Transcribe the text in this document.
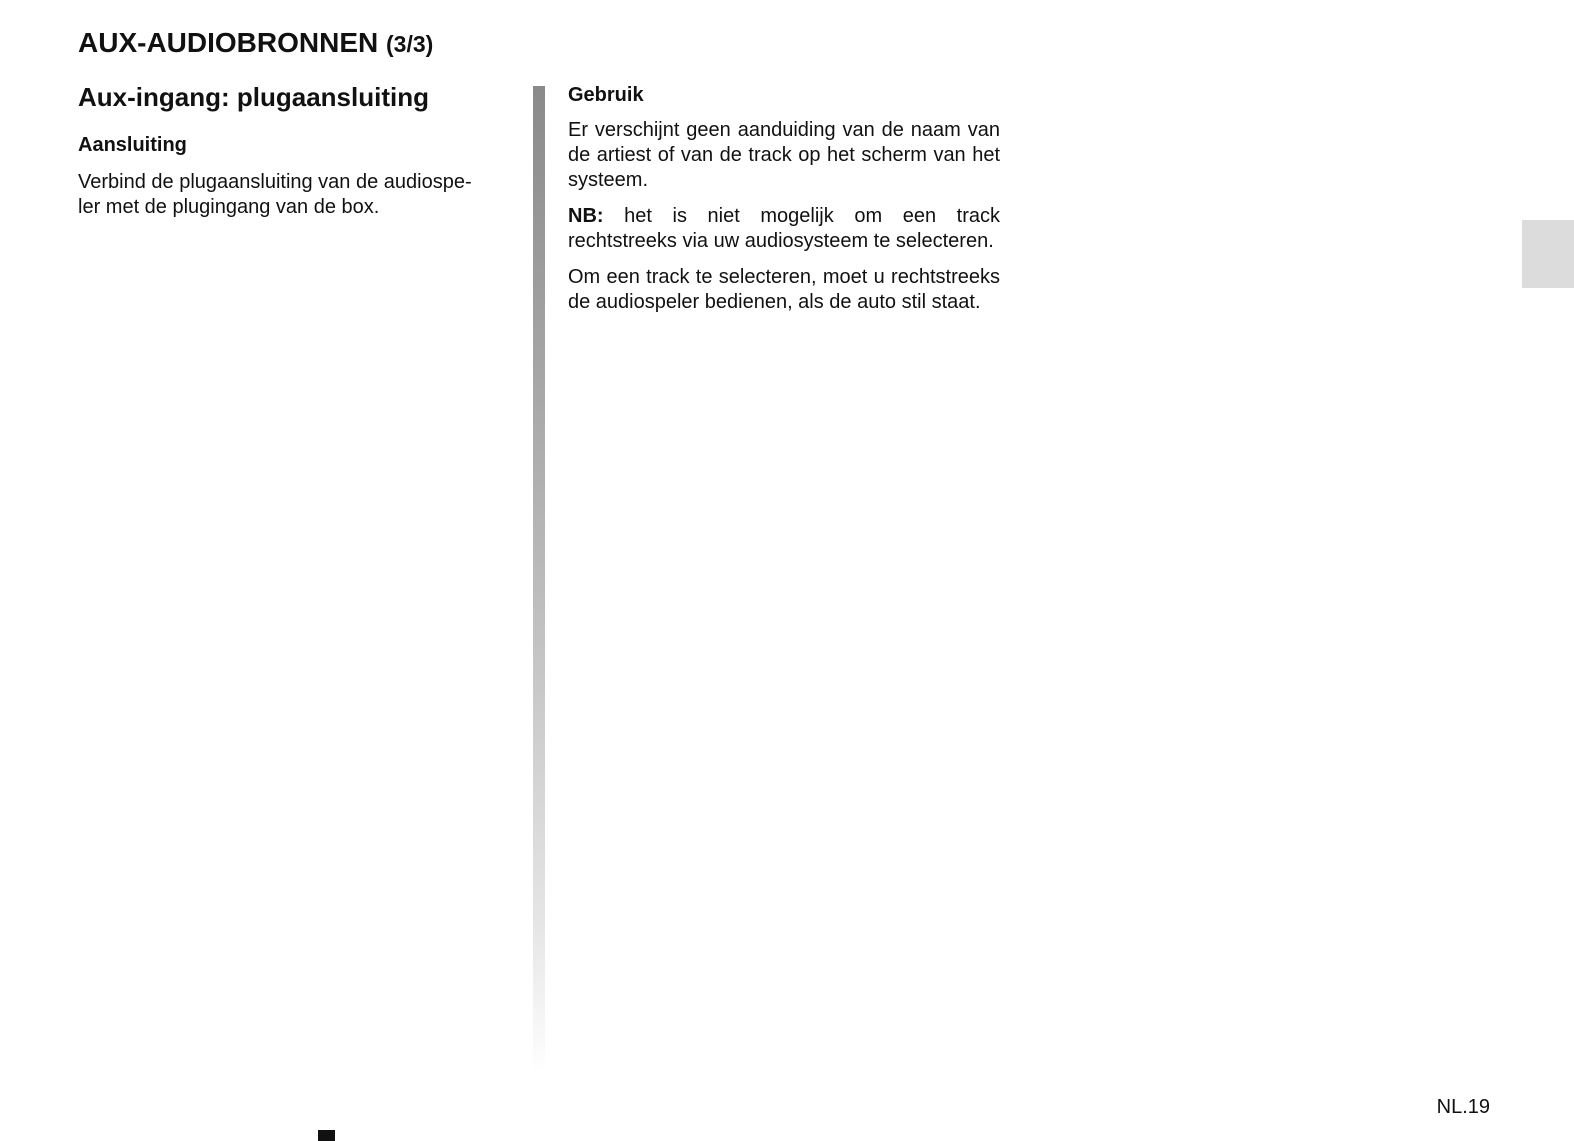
AUX-AUDIOBRONNEN (3/3)
Aux-ingang: plugaansluiting
Aansluiting

Verbind de plugaansluiting van de audiospe-
ler met de plugingang van de box.

Gebruik

Er verschijnt geen aanduiding van de naam van de artiest of van de track op het scherm van het systeem.

NB: het is niet mogelijk om een track rechtstreeks via uw audiosysteem te selecteren.

Om een track te selecteren, moet u rechtstreeks de audiospeler bedienen, als de auto stil staat.

NL.19
